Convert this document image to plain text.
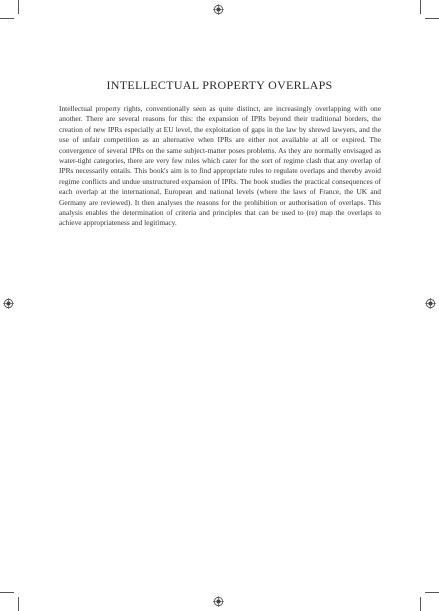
INTELLECTUAL PROPERTY OVERLAPS

Intellectual property rights, conventionally seen as quite distinct, are increasingly overlapping with one another. There are several reasons for this: the expansion of IPRs beyond their traditional borders, the creation of new IPRs especially at EU level, the exploitation of gaps in the law by shrewd lawyers, and the use of unfair competition as an alternative when IPRs are either not available at all or expired. The convergence of several IPRs on the same subject-matter poses problems. As they are normally envisaged as water-tight categories, there are very few rules which cater for the sort of regime clash that any overlap of IPRs necessarily entails. This book's aim is to find appropriate rules to regulate overlaps and thereby avoid regime conflicts and undue unstructured expansion of IPRs. The book studies the practical consequences of each overlap at the international, European and national levels (where the laws of France, the UK and Germany are reviewed). It then analyses the reasons for the prohibition or authorisation of overlaps. This analysis enables the determination of criteria and principles that can be used to (re) map the overlaps to achieve appropriateness and legitimacy.
